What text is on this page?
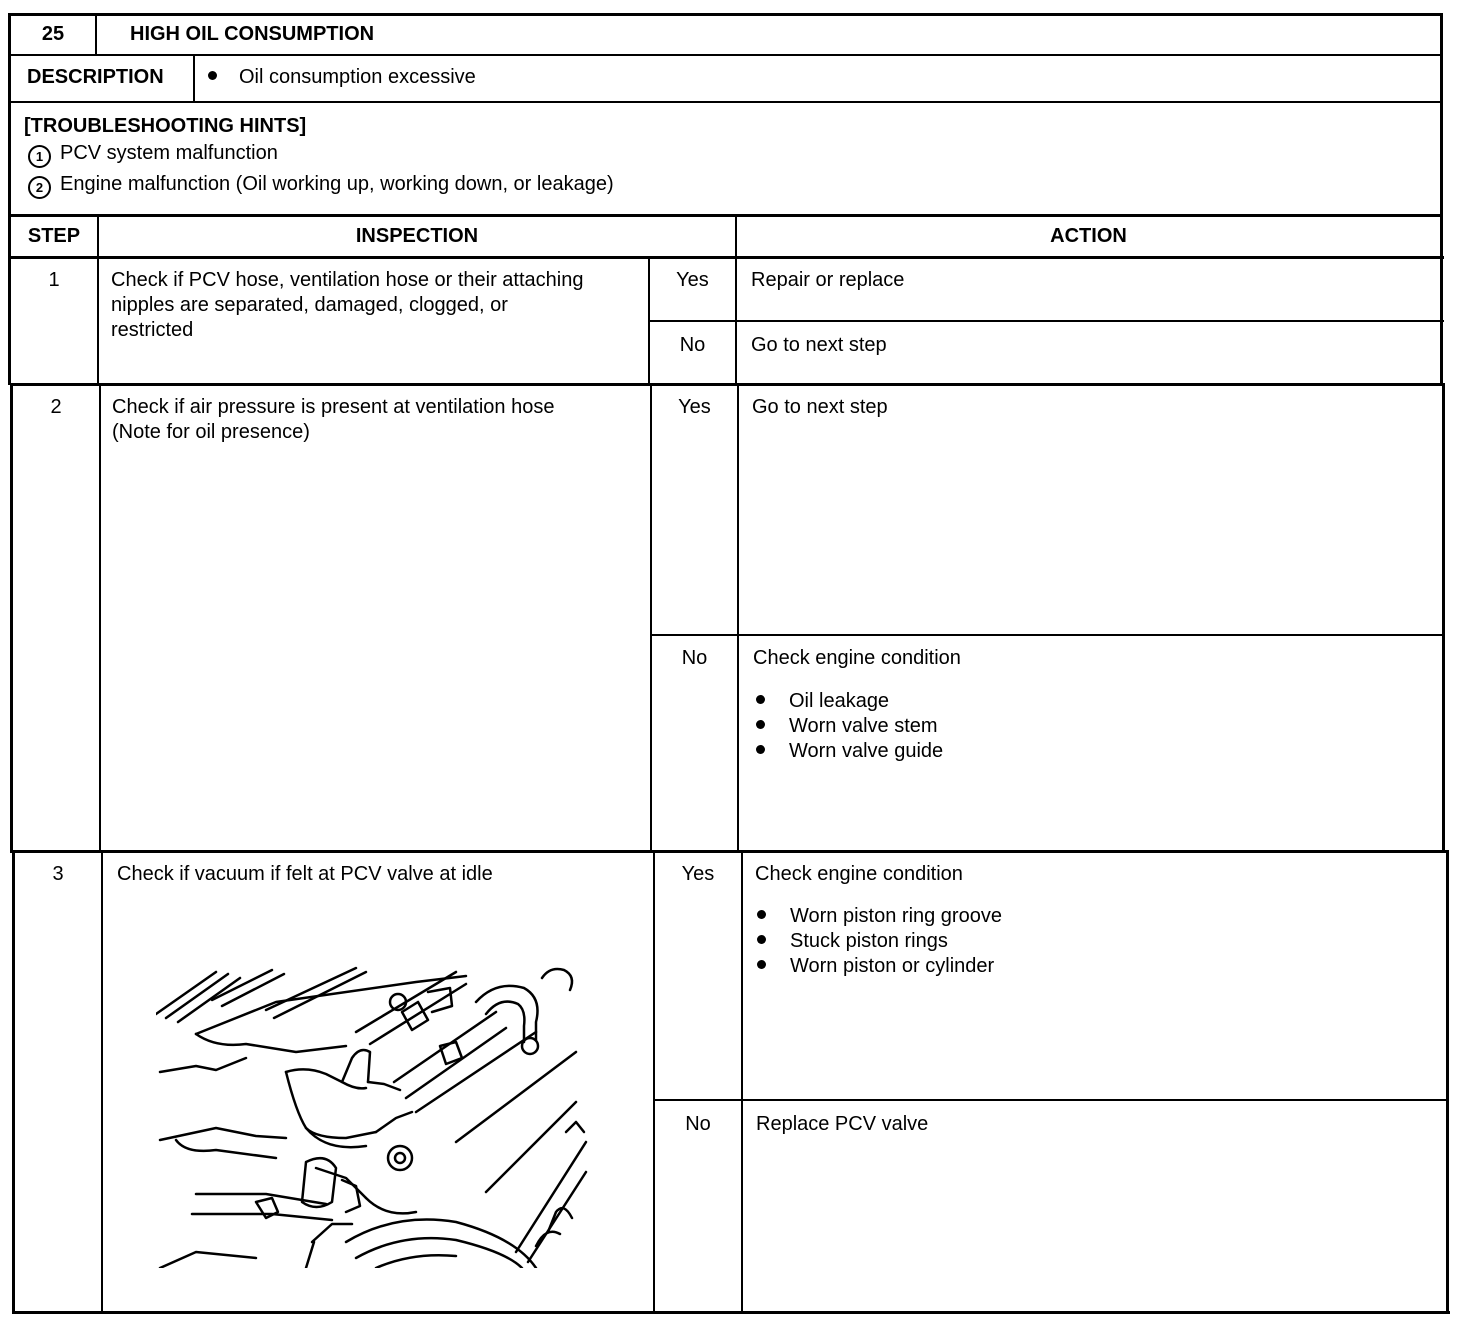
25	HIGH OIL CONSUMPTION
DESCRIPTION	Oil consumption excessive
[TROUBLESHOOTING HINTS]
1 PCV system malfunction
2 Engine malfunction (Oil working up, working down, or leakage)
STEP	INSPECTION	ACTION
1	Check if PCV hose, ventilation hose or their attaching
nipples are separated, damaged, clogged, or
restricted
Yes	Repair or replace
No	Go to next step
2	Check if air pressure is present at ventilation hose
(Note for oil presence)
Yes	Go to next step
No	Check engine condition
Oil leakage
Worn valve stem
Worn valve guide
3	Check if vacuum if felt at PCV valve at idle	Yes	Check engine condition
Worn piston ring groove
Stuck piston rings
Worn piston or cylinder
No	Replace PCV valve
